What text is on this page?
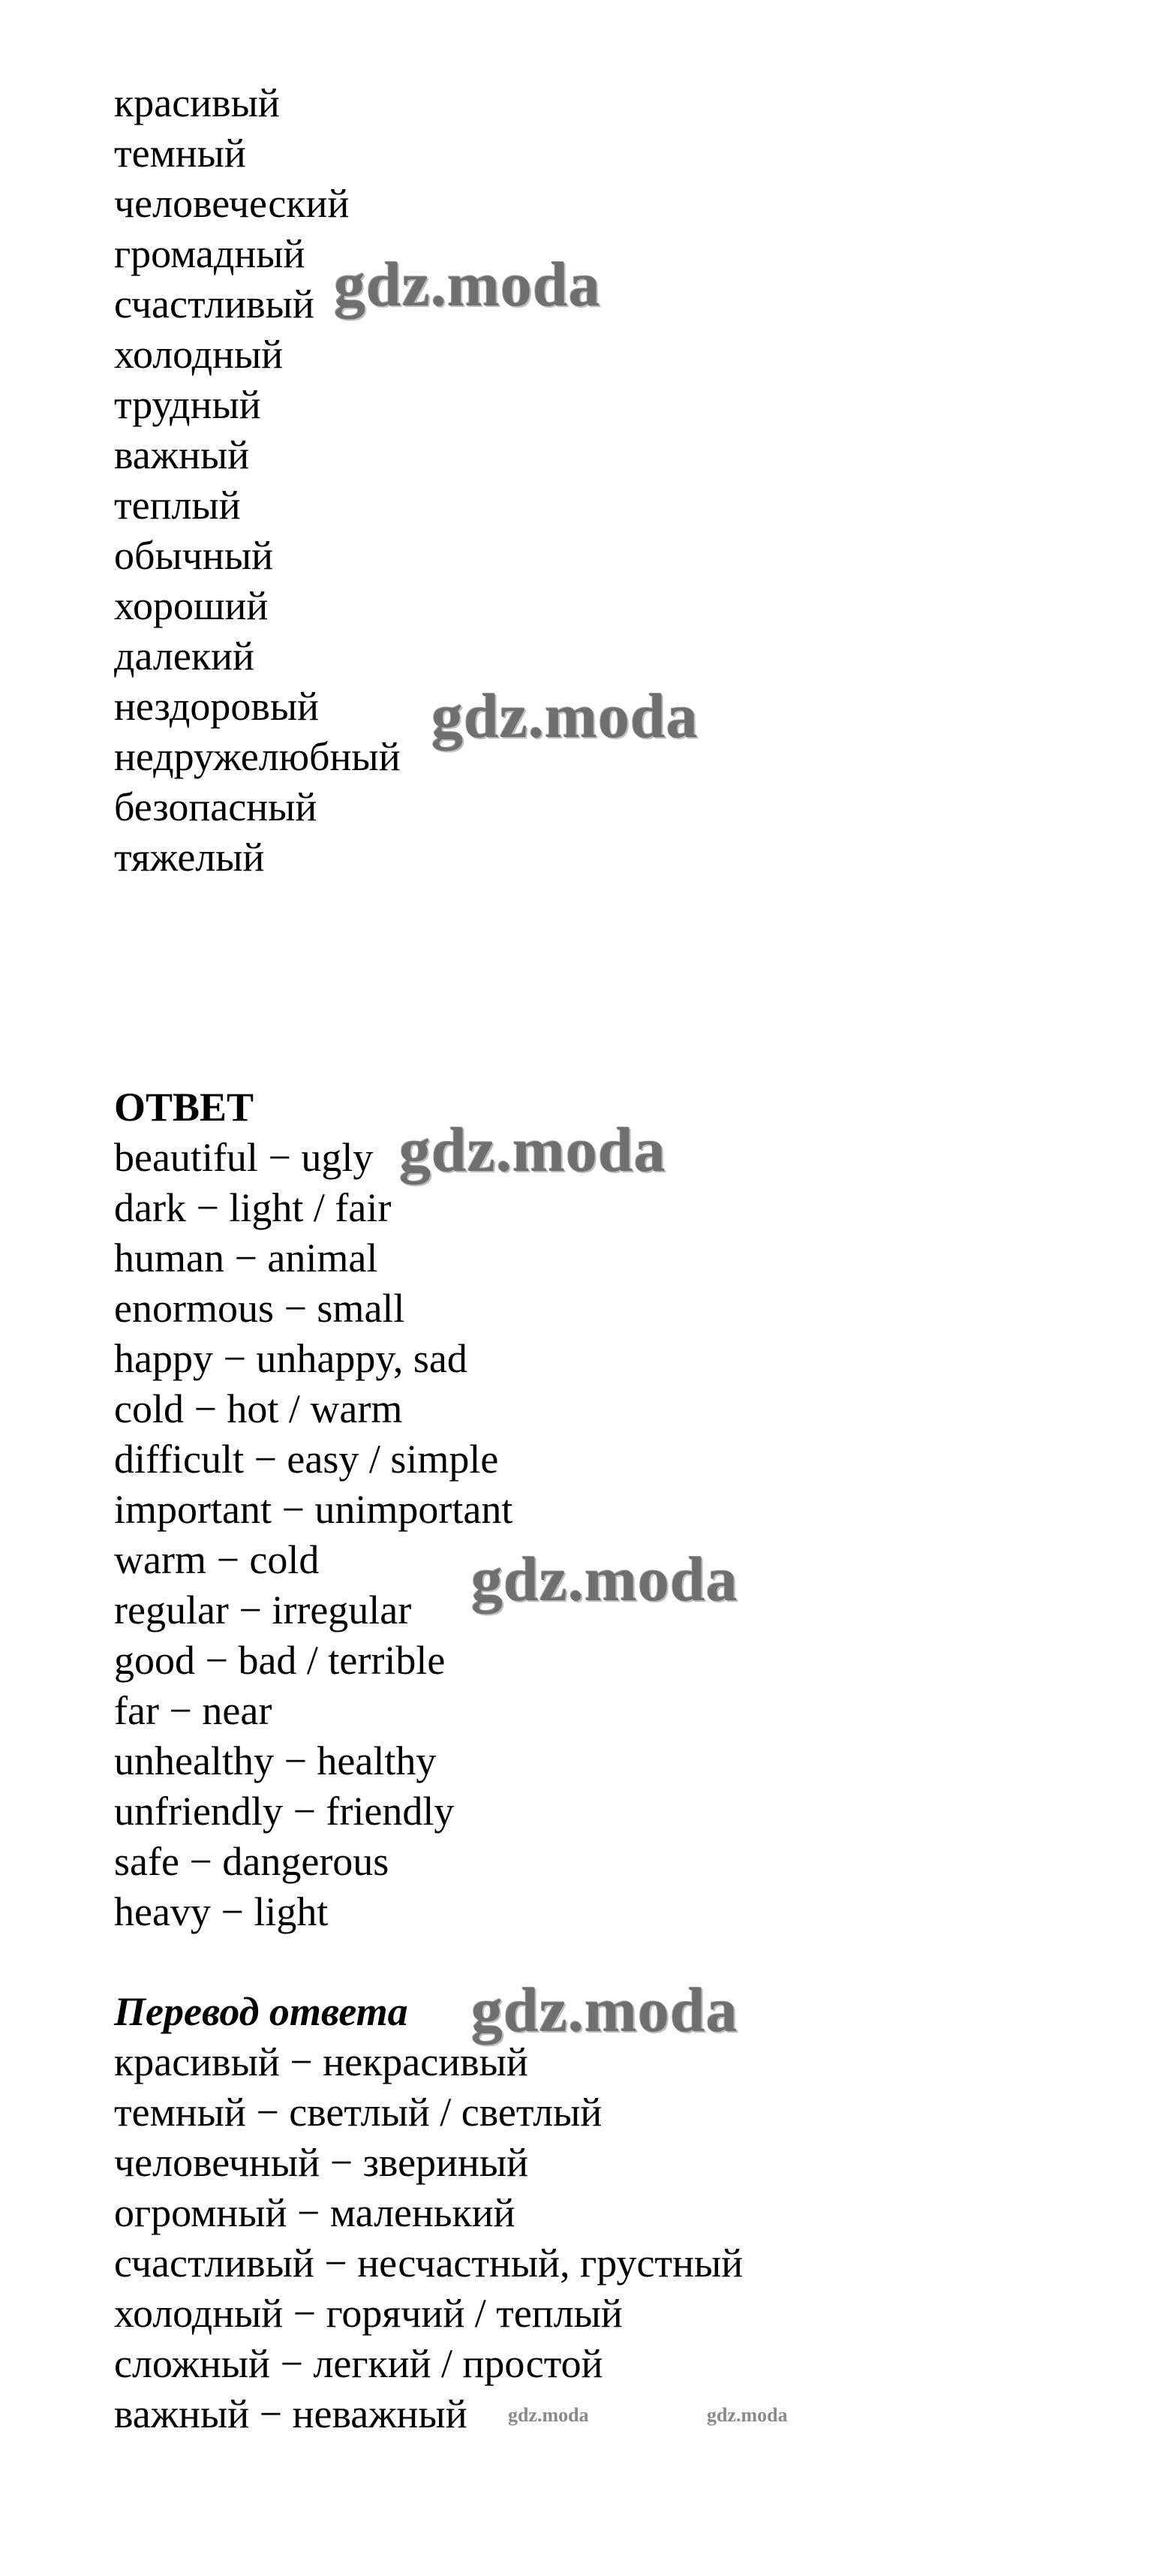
красивый
темный
человеческий
громадный
счастливый
холодный
трудный
важный
теплый
обычный
хороший
далекий
нездоровый
недружелюбный
безопасный
тяжелый
ОТВЕТ
beautiful − ugly
dark − light / fair
human − animal
enormous − small
happy − unhappy, sad
cold − hot / warm
difficult − easy / simple
important − unimportant
warm − cold
regular − irregular
good − bad / terrible
far − near
unhealthy − healthy
unfriendly − friendly
safe − dangerous
heavy − light
Перевод ответа
красивый − некрасивый
темный − светлый / светлый
человечный − звериный
огромный − маленький
счастливый − несчастный, грустный
холодный − горячий / теплый
сложный − легкий / простой
важный − неважный
gdz.moda
gdz.moda
gdz.moda
gdz.moda
gdz.moda
gdz.moda	gdz.moda
